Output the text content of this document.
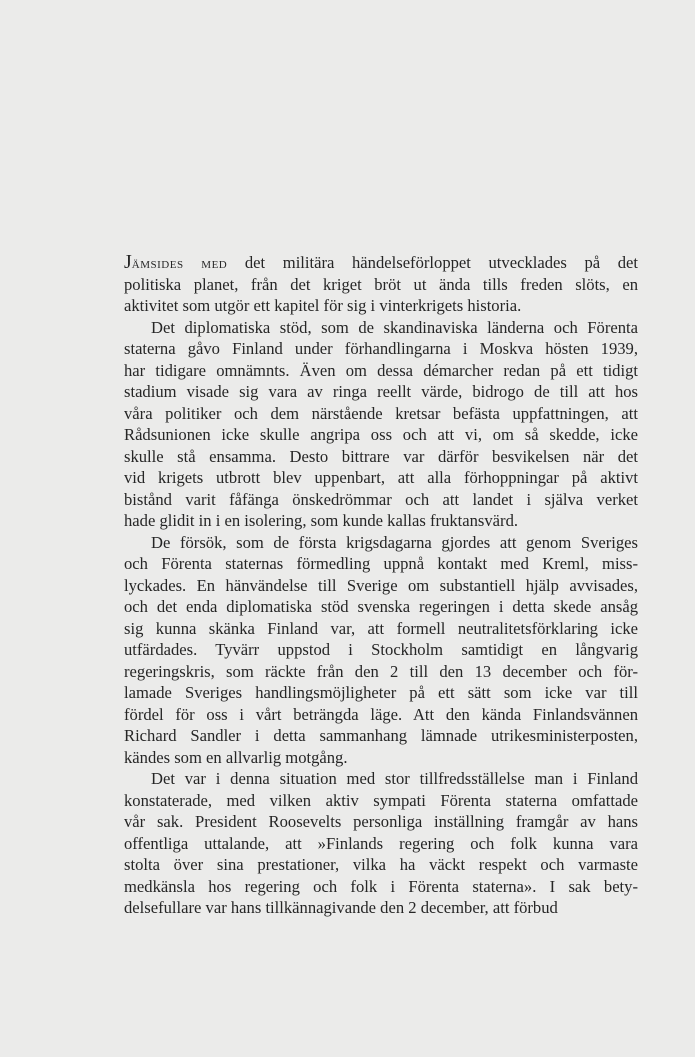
Jämsides med det militära händelseförloppet utvecklades på det
politiska planet, från det kriget bröt ut ända tills freden slöts, en
aktivitet som utgör ett kapitel för sig i vinterkrigets historia.
Det diplomatiska stöd, som de skandinaviska länderna och Förenta
staterna gåvo Finland under förhandlingarna i Moskva hösten 1939,
har tidigare omnämnts. Även om dessa démarcher redan på ett tidigt
stadium visade sig vara av ringa reellt värde, bidrogo de till att hos
våra politiker och dem närstående kretsar befästa uppfattningen, att
Rådsunionen icke skulle angripa oss och att vi, om så skedde, icke
skulle stå ensamma. Desto bittrare var därför besvikelsen när det
vid krigets utbrott blev uppenbart, att alla förhoppningar på aktivt
bistånd varit fåfänga önskedrömmar och att landet i själva verket
hade glidit in i en isolering, som kunde kallas fruktansvärd.
De försök, som de första krigsdagarna gjordes att genom Sveriges
och Förenta staternas förmedling uppnå kontakt med Kreml, miss-
lyckades. En hänvändelse till Sverige om substantiell hjälp avvisades,
och det enda diplomatiska stöd svenska regeringen i detta skede ansåg
sig kunna skänka Finland var, att formell neutralitetsförklaring icke
utfärdades. Tyvärr uppstod i Stockholm samtidigt en långvarig
regeringskris, som räckte från den 2 till den 13 december och för-
lamade Sveriges handlingsmöjligheter på ett sätt som icke var till
fördel för oss i vårt beträngda läge. Att den kända Finlandsvännen
Richard Sandler i detta sammanhang lämnade utrikesministerposten,
kändes som en allvarlig motgång.
Det var i denna situation med stor tillfredsställelse man i Finland
konstaterade, med vilken aktiv sympati Förenta staterna omfattade
vår sak. President Roosevelts personliga inställning framgår av hans
offentliga uttalande, att »Finlands regering och folk kunna vara
stolta över sina prestationer, vilka ha väckt respekt och varmaste
medkänsla hos regering och folk i Förenta staterna». I sak bety-
delsefullare var hans tillkännagivande den 2 december, att förbud
